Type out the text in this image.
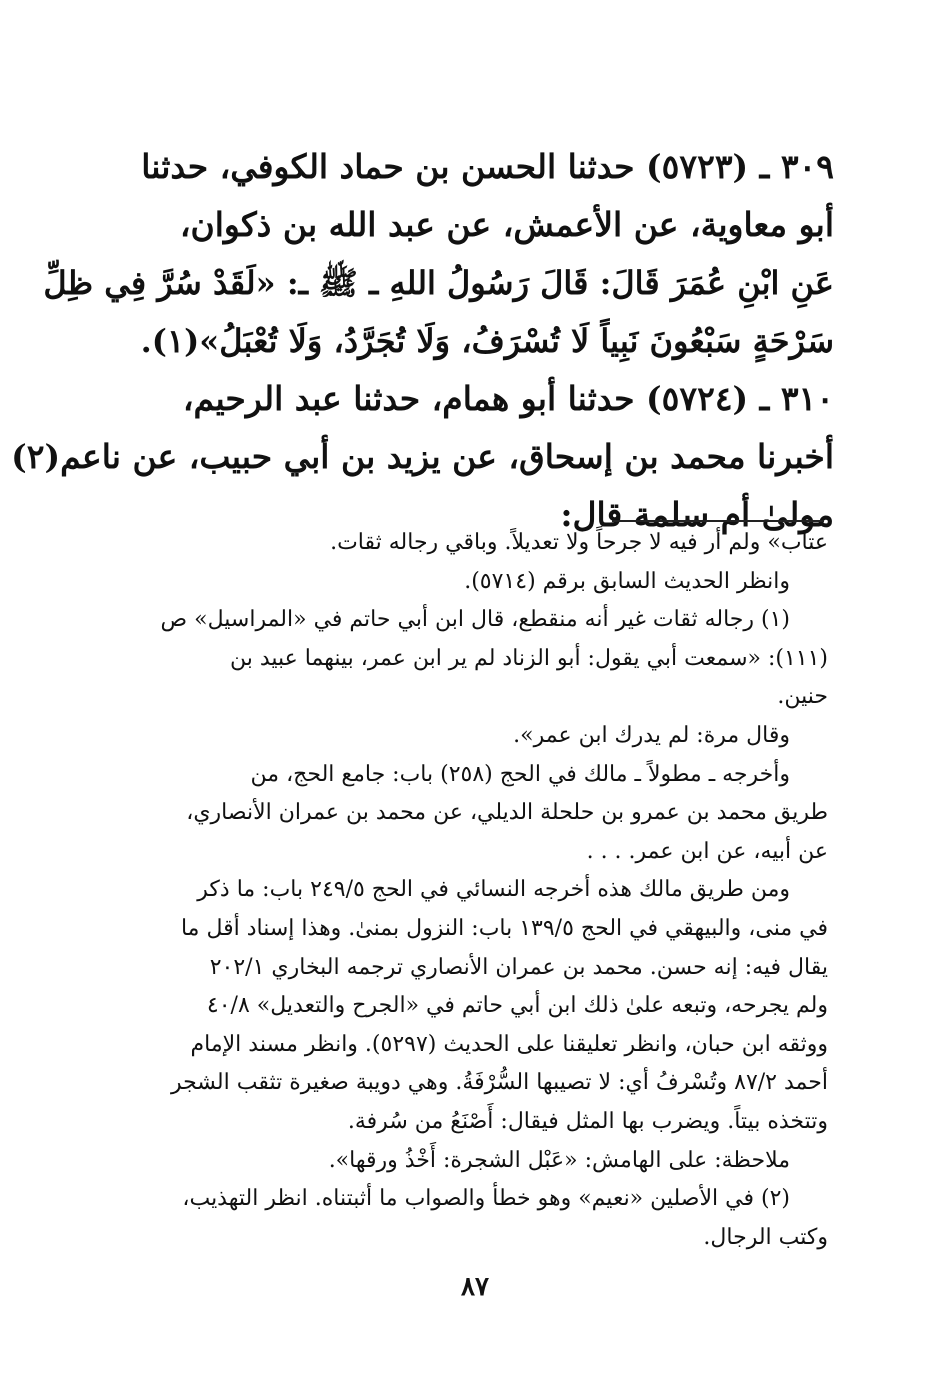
٣٠٩ ـ (٥٧٢٣) حدثنا الحسن بن حماد الكوفي، حدثنا
أبو معاوية، عن الأعمش، عن عبد الله بن ذكوان،
عَنِ ابْنِ عُمَرَ قَالَ: قَالَ رَسُولُ اللهِ ـ ﷺ ـ: «لَقَدْ سُرَّ فِي ظِلِّ
سَرْحَةٍ سَبْعُونَ نَبِياً لَا تُسْرَفُ، وَلَا تُجَرَّدُ، وَلَا تُعْبَلُ»(١).
٣١٠ ـ (٥٧٢٤) حدثنا أبو همام، حدثنا عبد الرحيم،
أخبرنا محمد بن إسحاق، عن يزيد بن أبي حبيب، عن ناعم(٢)
مولىٰ أم سلمة قال:
عتاب» ولم أر فيه لا جرحاً ولا تعديلاً. وباقي رجاله ثقات.
وانظر الحديث السابق برقم (٥٧١٤).
(١) رجاله ثقات غير أنه منقطع، قال ابن أبي حاتم في «المراسيل» ص
(١١١): «سمعت أبي يقول: أبو الزناد لم ير ابن عمر، بينهما عبيد بن
حنين.
وقال مرة: لم يدرك ابن عمر».
وأخرجه ـ مطولاً ـ مالك في الحج (٢٥٨) باب: جامع الحج، من
طريق محمد بن عمرو بن حلحلة الديلي، عن محمد بن عمران الأنصاري،
عن أبيه، عن ابن عمر. . . .
ومن طريق مالك هذه أخرجه النسائي في الحج ٢٤٩/٥ باب: ما ذكر
في منى، والبيهقي في الحج ١٣٩/٥ باب: النزول بمنىٰ. وهذا إسناد أقل ما
يقال فيه: إنه حسن. محمد بن عمران الأنصاري ترجمه البخاري ٢٠٢/١
ولم يجرحه، وتبعه علىٰ ذلك ابن أبي حاتم في «الجرح والتعديل» ٤٠/٨
ووثقه ابن حبان، وانظر تعليقنا على الحديث (٥٢٩٧). وانظر مسند الإمام
أحمد ٨٧/٢ وتُسْرفُ أي: لا تصيبها السُّرْفَةُ. وهي دويبة صغيرة تثقب الشجر
وتتخذه بيتاً. ويضرب بها المثل فيقال: أَصْنَعُ من سُرفة.
ملاحظة: على الهامش: «عَبْل الشجرة: أَخْذُ ورقها».
(٢) في الأصلين «نعيم» وهو خطأ والصواب ما أثبتناه. انظر التهذيب،
وكتب الرجال.
٨٧
